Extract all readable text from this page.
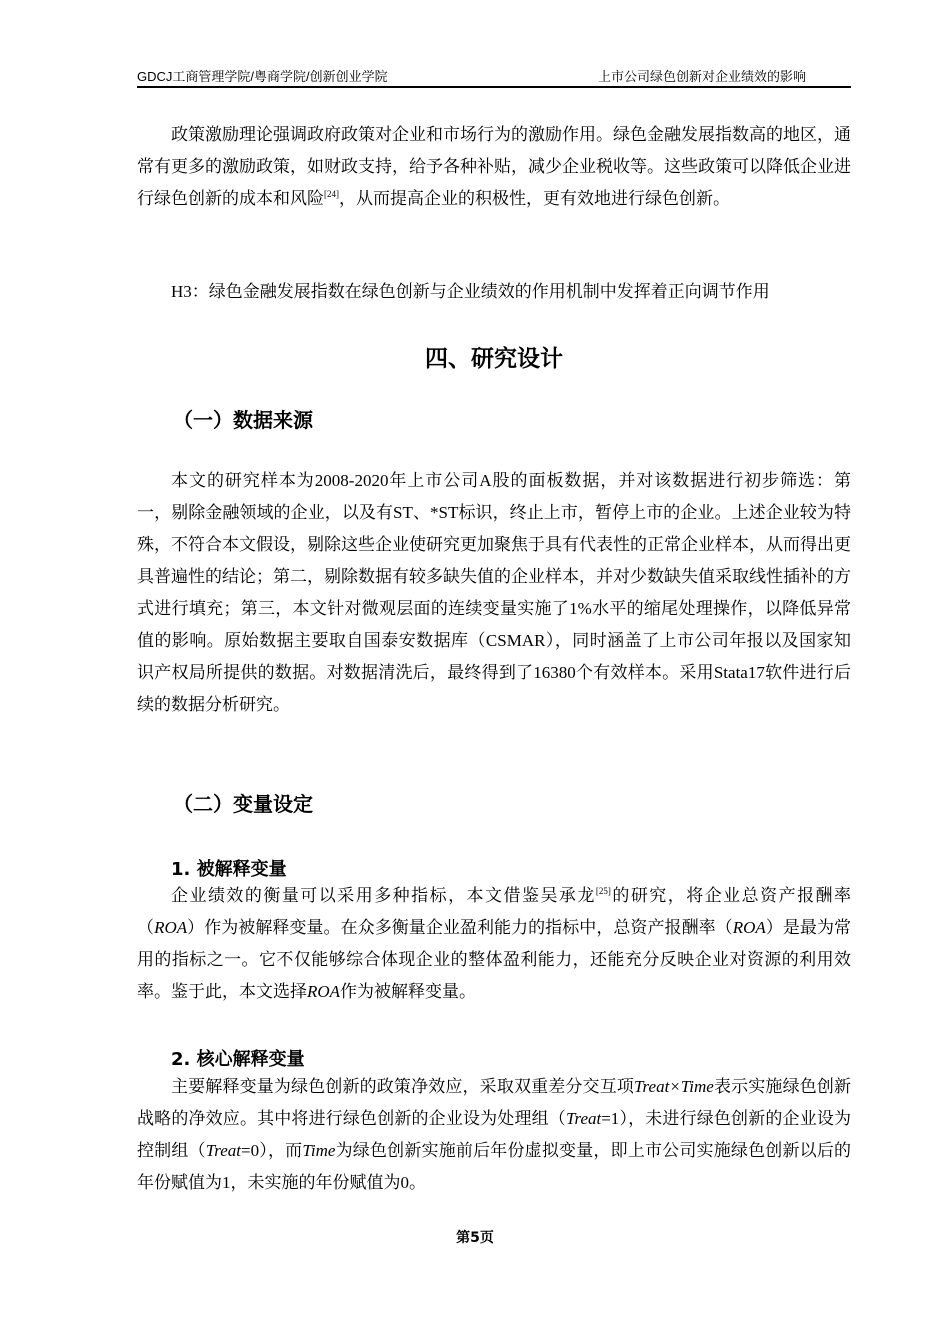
GDCJ工商管理学院/粤商学院/创新创业学院	上市公司绿色创新对企业绩效的影响

政策激励理论强调政府政策对企业和市场行为的激励作用。绿色金融发展指数高的地区，通常有更多的激励政策，如财政支持，给予各种补贴，减少企业税收等。这些政策可以降低企业进行绿色创新的成本和风险[24]，从而提高企业的积极性，更有效地进行绿色创新。

H3：绿色金融发展指数在绿色创新与企业绩效的作用机制中发挥着正向调节作用

四、研究设计
（一）数据来源

本文的研究样本为2008-2020年上市公司A股的面板数据，并对该数据进行初步筛选：第一，剔除金融领域的企业，以及有ST、*ST标识，终止上市，暂停上市的企业。上述企业较为特殊，不符合本文假设，剔除这些企业使研究更加聚焦于具有代表性的正常企业样本，从而得出更具普遍性的结论；第二，剔除数据有较多缺失值的企业样本，并对少数缺失值采取线性插补的方式进行填充；第三，本文针对微观层面的连续变量实施了1%水平的缩尾处理操作，以降低异常值的影响。原始数据主要取自国泰安数据库（CSMAR），同时涵盖了上市公司年报以及国家知识产权局所提供的数据。对数据清洗后，最终得到了16380个有效样本。采用Stata17软件进行后续的数据分析研究。

（二）变量设定
1. 被解释变量

企业绩效的衡量可以采用多种指标，本文借鉴吴承龙[25]的研究，将企业总资产报酬率（ROA）作为被解释变量。在众多衡量企业盈利能力的指标中，总资产报酬率（ROA）是最为常用的指标之一。它不仅能够综合体现企业的整体盈利能力，还能充分反映企业对资源的利用效率。鉴于此，本文选择ROA作为被解释变量。

2. 核心解释变量

主要解释变量为绿色创新的政策净效应，采取双重差分交互项Treat×Time表示实施绿色创新战略的净效应。其中将进行绿色创新的企业设为处理组（Treat=1），未进行绿色创新的企业设为控制组（Treat=0），而Time为绿色创新实施前后年份虚拟变量，即上市公司实施绿色创新以后的年份赋值为1，未实施的年份赋值为0。

第5页
